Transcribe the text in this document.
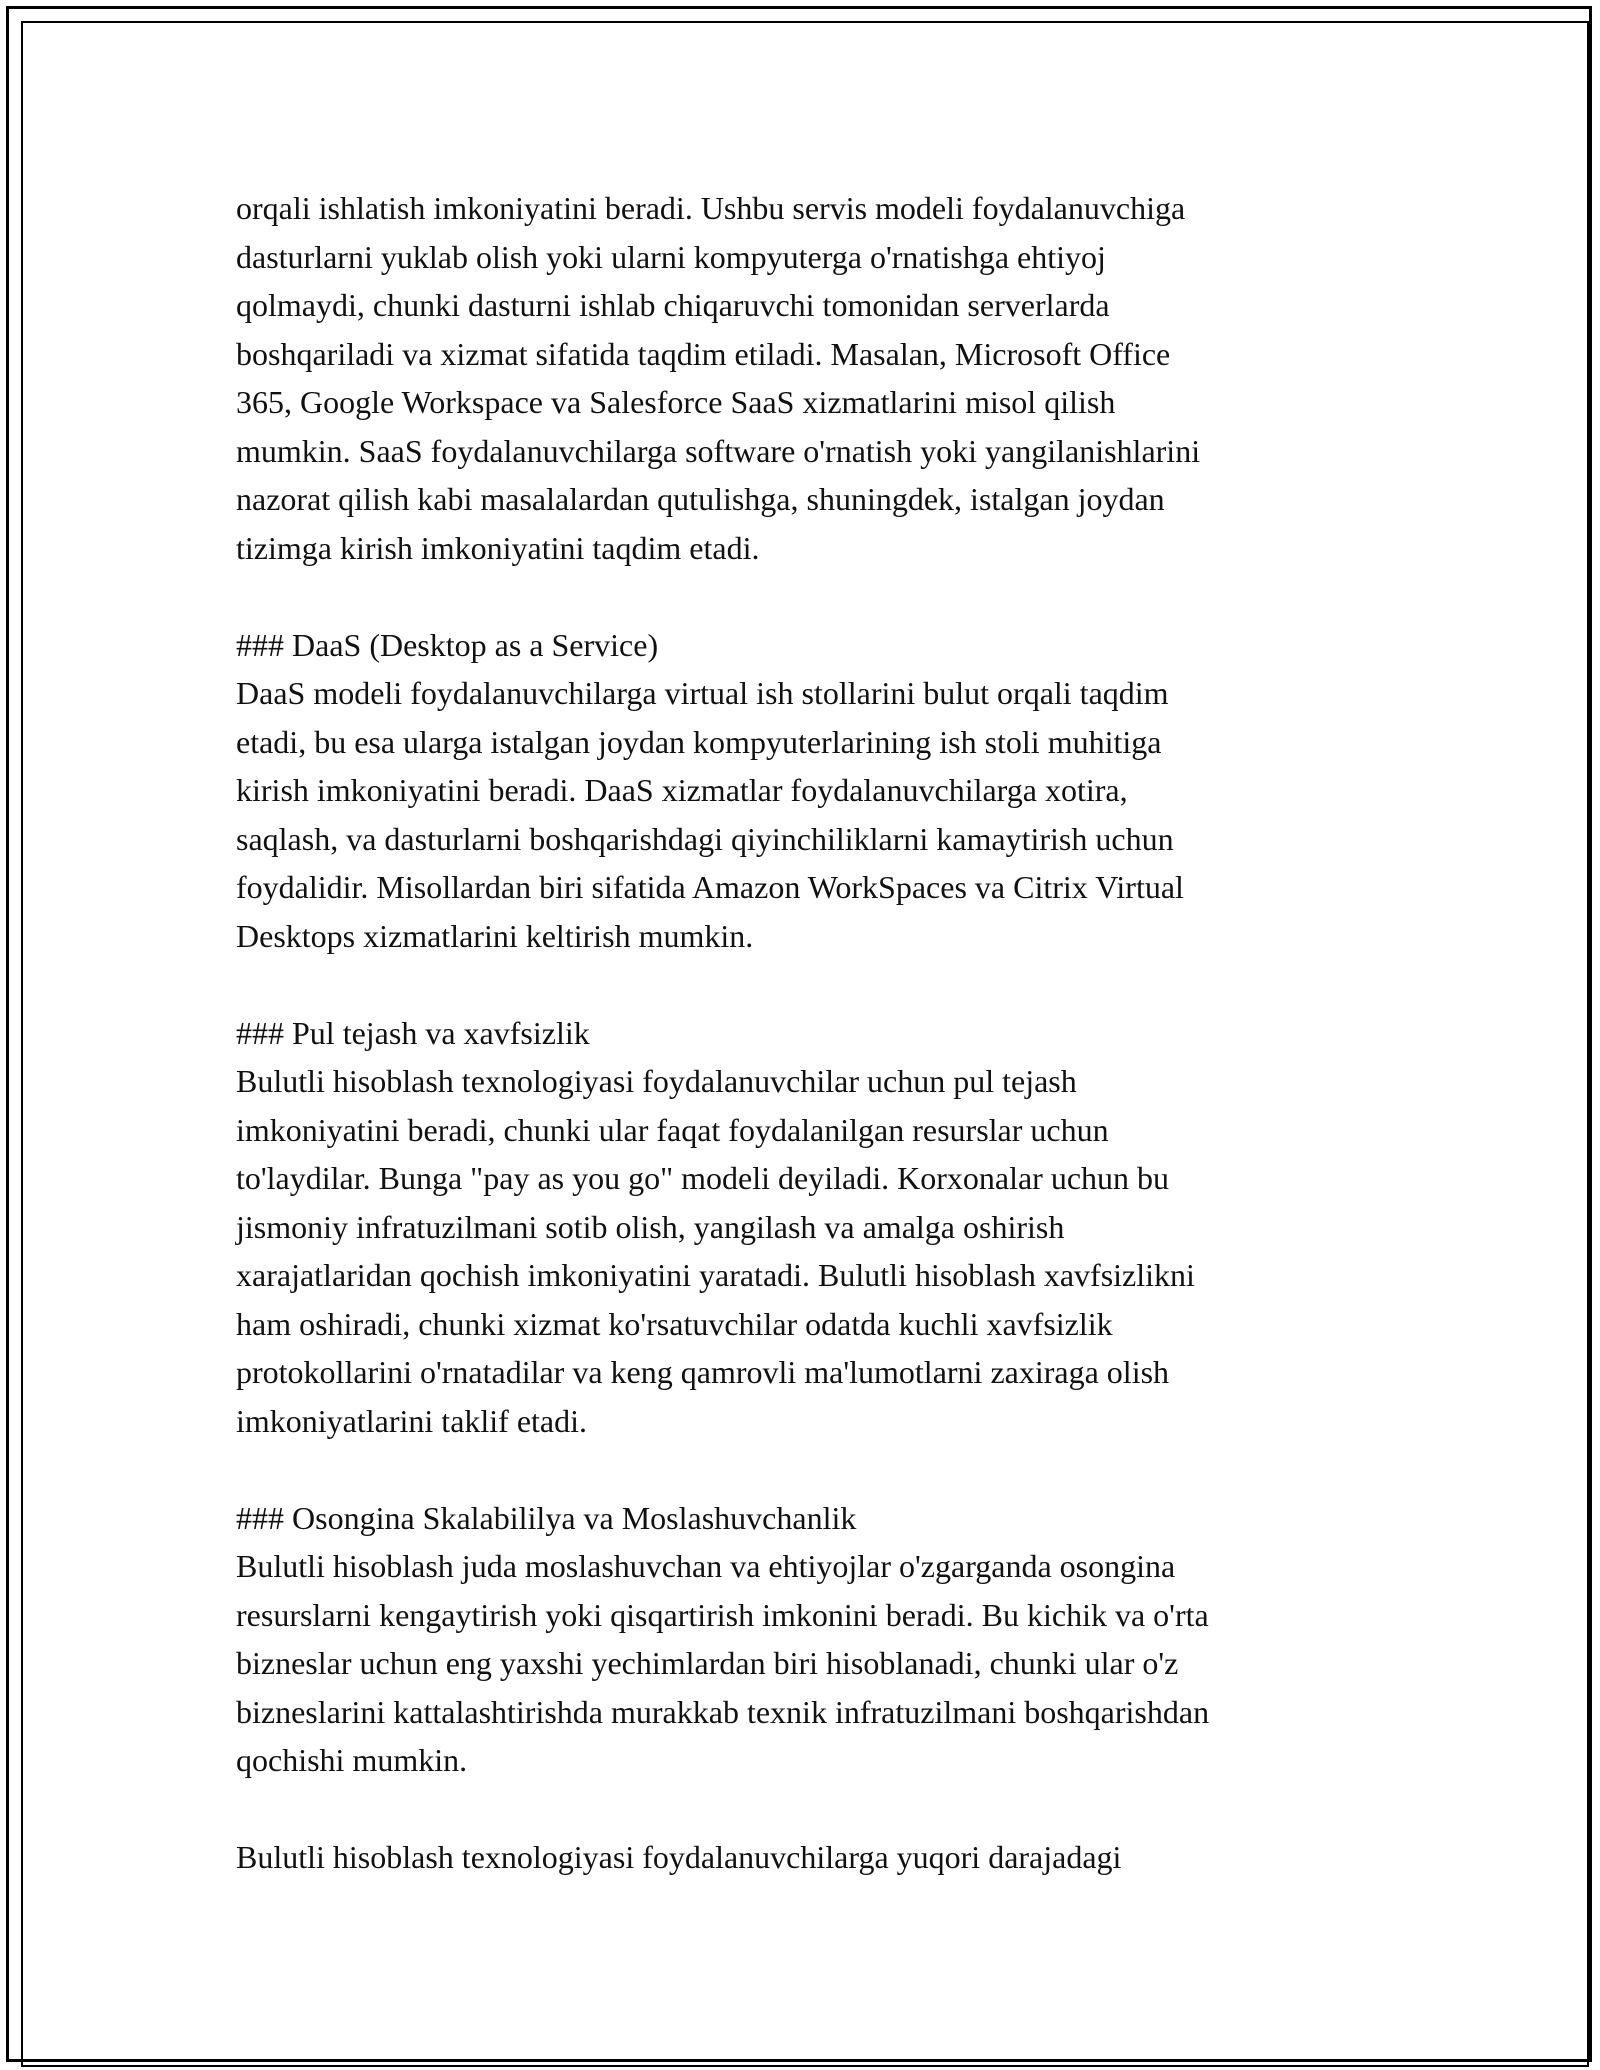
orqali ishlatish imkoniyatini beradi. Ushbu servis modeli foydalanuvchiga
dasturlarni yuklab olish yoki ularni kompyuterga o'rnatishga ehtiyoj
qolmaydi, chunki dasturni ishlab chiqaruvchi tomonidan serverlarda
boshqariladi va xizmat sifatida taqdim etiladi. Masalan, Microsoft Office
365, Google Workspace va Salesforce SaaS xizmatlarini misol qilish
mumkin. SaaS foydalanuvchilarga software o'rnatish yoki yangilanishlarini
nazorat qilish kabi masalalardan qutulishga, shuningdek, istalgan joydan
tizimga kirish imkoniyatini taqdim etadi.
### DaaS (Desktop as a Service)
DaaS modeli foydalanuvchilarga virtual ish stollarini bulut orqali taqdim
etadi, bu esa ularga istalgan joydan kompyuterlarining ish stoli muhitiga
kirish imkoniyatini beradi. DaaS xizmatlar foydalanuvchilarga xotira,
saqlash, va dasturlarni boshqarishdagi qiyinchiliklarni kamaytirish uchun
foydalidir. Misollardan biri sifatida Amazon WorkSpaces va Citrix Virtual
Desktops xizmatlarini keltirish mumkin.
### Pul tejash va xavfsizlik
Bulutli hisoblash texnologiyasi foydalanuvchilar uchun pul tejash
imkoniyatini beradi, chunki ular faqat foydalanilgan resurslar uchun
to'laydilar. Bunga "pay as you go" modeli deyiladi. Korxonalar uchun bu
jismoniy infratuzilmani sotib olish, yangilash va amalga oshirish
xarajatlaridan qochish imkoniyatini yaratadi. Bulutli hisoblash xavfsizlikni
ham oshiradi, chunki xizmat ko'rsatuvchilar odatda kuchli xavfsizlik
protokollarini o'rnatadilar va keng qamrovli ma'lumotlarni zaxiraga olish
imkoniyatlarini taklif etadi.
### Osongina Skalabililya va Moslashuvchanlik
Bulutli hisoblash juda moslashuvchan va ehtiyojlar o'zgarganda osongina
resurslarni kengaytirish yoki qisqartirish imkonini beradi. Bu kichik va o'rta
bizneslar uchun eng yaxshi yechimlardan biri hisoblanadi, chunki ular o'z
bizneslarini kattalashtirishda murakkab texnik infratuzilmani boshqarishdan
qochishi mumkin.
Bulutli hisoblash texnologiyasi foydalanuvchilarga yuqori darajadagi
